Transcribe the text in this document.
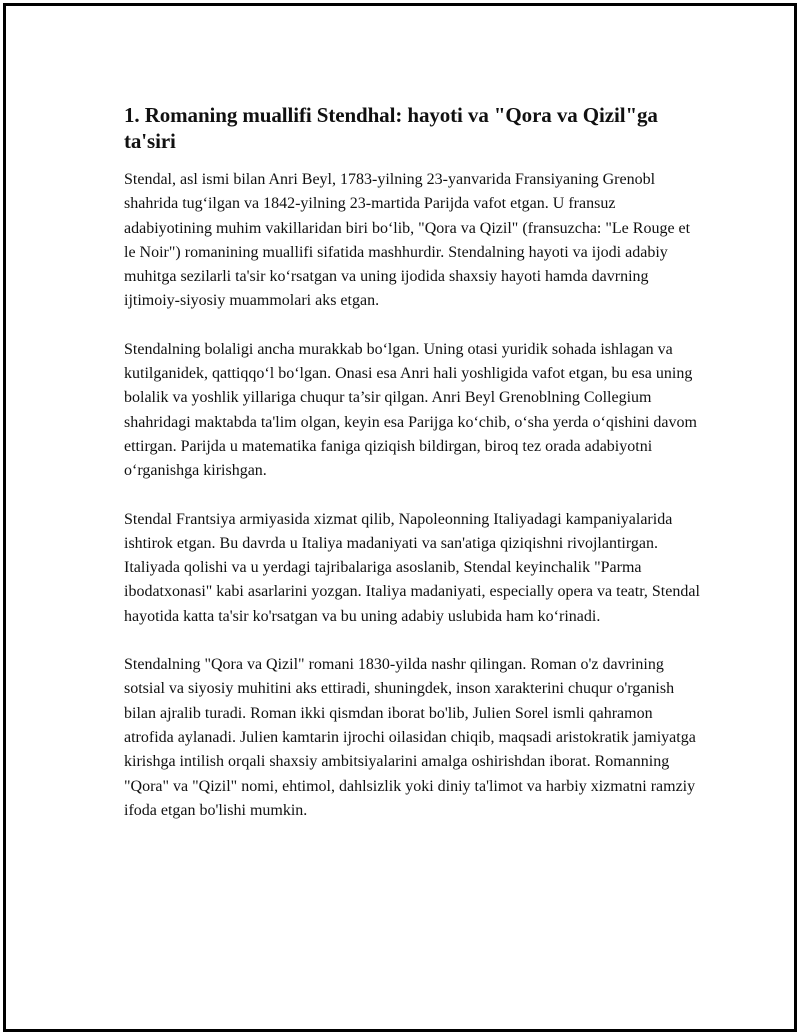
1. Romaning muallifi Stendhal: hayoti va "Qora va Qizil"ga ta'siri

Stendal, asl ismi bilan Anri Beyl, 1783-yilning 23-yanvarida Fransiyaning Grenobl shahrida tug‘ilgan va 1842-yilning 23-martida Parijda vafot etgan. U fransuz adabiyotining muhim vakillaridan biri bo‘lib, "Qora va Qizil" (fransuzcha: "Le Rouge et le Noir") romanining muallifi sifatida mashhurdir. Stendalning hayoti va ijodi adabiy muhitga sezilarli ta'sir ko‘rsatgan va uning ijodida shaxsiy hayoti hamda davrning ijtimoiy-siyosiy muammolari aks etgan.

Stendalning bolaligi ancha murakkab bo‘lgan. Uning otasi yuridik sohada ishlagan va kutilganidek, qattiqqo‘l bo‘lgan. Onasi esa Anri hali yoshligida vafot etgan, bu esa uning bolalik va yoshlik yillariga chuqur ta’sir qilgan. Anri Beyl Grenoblning Collegium shahridagi maktabda ta'lim olgan, keyin esa Parijga ko‘chib, o‘sha yerda o‘qishini davom ettirgan. Parijda u matematika faniga qiziqish bildirgan, biroq tez orada adabiyotni o‘rganishga kirishgan.

Stendal Frantsiya armiyasida xizmat qilib, Napoleonning Italiyadagi kampaniyalarida ishtirok etgan. Bu davrda u Italiya madaniyati va san'atiga qiziqishni rivojlantirgan. Italiyada qolishi va u yerdagi tajribalariga asoslanib, Stendal keyinchalik "Parma ibodatxonasi" kabi asarlarini yozgan. Italiya madaniyati, especially opera va teatr, Stendal hayotida katta ta'sir ko'rsatgan va bu uning adabiy uslubida ham ko‘rinadi.

Stendalning "Qora va Qizil" romani 1830-yilda nashr qilingan. Roman o'z davrining sotsial va siyosiy muhitini aks ettiradi, shuningdek, inson xarakterini chuqur o'rganish bilan ajralib turadi. Roman ikki qismdan iborat bo'lib, Julien Sorel ismli qahramon atrofida aylanadi. Julien kamtarin ijrochi oilasidan chiqib, maqsadi aristokratik jamiyatga kirishga intilish orqali shaxsiy ambitsiyalarini amalga oshirishdan iborat. Romanning "Qora" va "Qizil" nomi, ehtimol, dahlsizlik yoki diniy ta'limot va harbiy xizmatni ramziy ifoda etgan bo'lishi mumkin.
